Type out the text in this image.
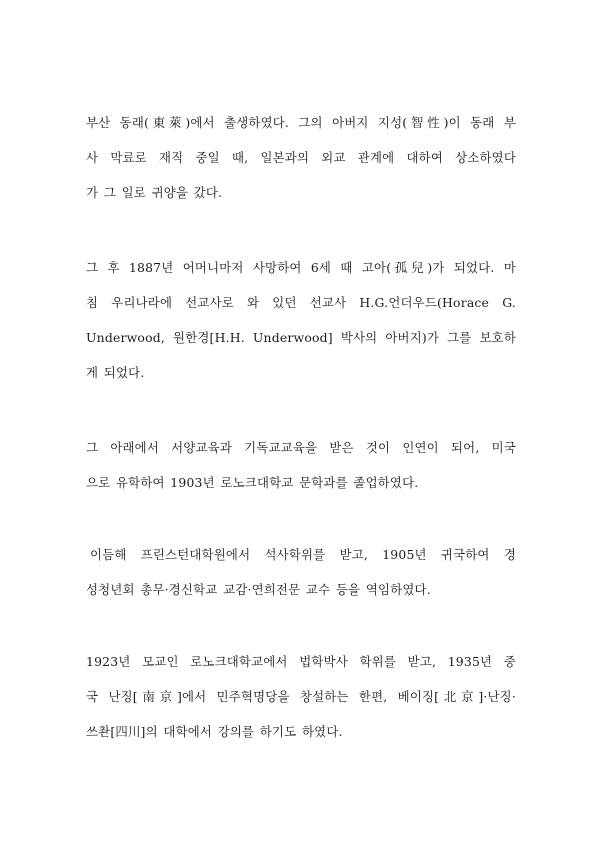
부산 동래(東萊)에서 출생하였다. 그의 아버지 지성(智性)이 동래 부
사 막료로 재직 중일 때, 일본과의 외교 관계에 대하여 상소하였다
가 그 일로 귀양을 갔다.
그 후 1887년 어머니마저 사망하여 6세 때 고아(孤兒)가 되었다. 마
침 우리나라에 선교사로 와 있던 선교사 H.G.언더우드(Horace G.
Underwood, 원한경[H.H. Underwood] 박사의 아버지)가 그를 보호하
게 되었다.
그 아래에서 서양교육과 기독교교육을 받은 것이 인연이 되어, 미국
으로 유학하여 1903년 로노크대학교 문학과를 졸업하였다.
이듬해 프린스턴대학원에서 석사학위를 받고, 1905년 귀국하여 경
성청년회 총무·경신학교 교감·연희전문 교수 등을 역임하였다.
1923년 모교인 로노크대학교에서 법학박사 학위를 받고, 1935년 중
국 난징[南京]에서 민주혁명당을 창설하는 한편, 베이징[北京]·난징·
쓰촨[四川]의 대학에서 강의를 하기도 하였다.
